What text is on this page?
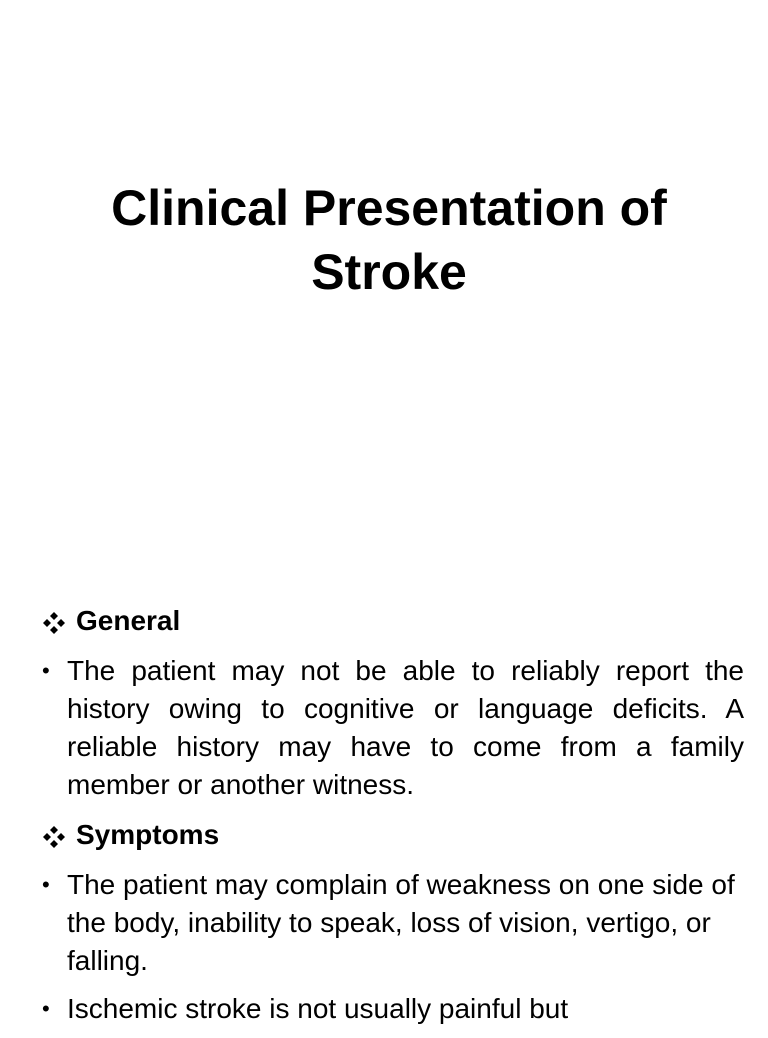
Clinical Presentation of Stroke
General
• The patient may not be able to reliably report the history owing to cognitive or language deficits. A reliable history may have to come from a family member or another witness.
Symptoms
• The patient may complain of weakness on one side of the body, inability to speak, loss of vision, vertigo, or falling.
• Ischemic stroke is not usually painful but
